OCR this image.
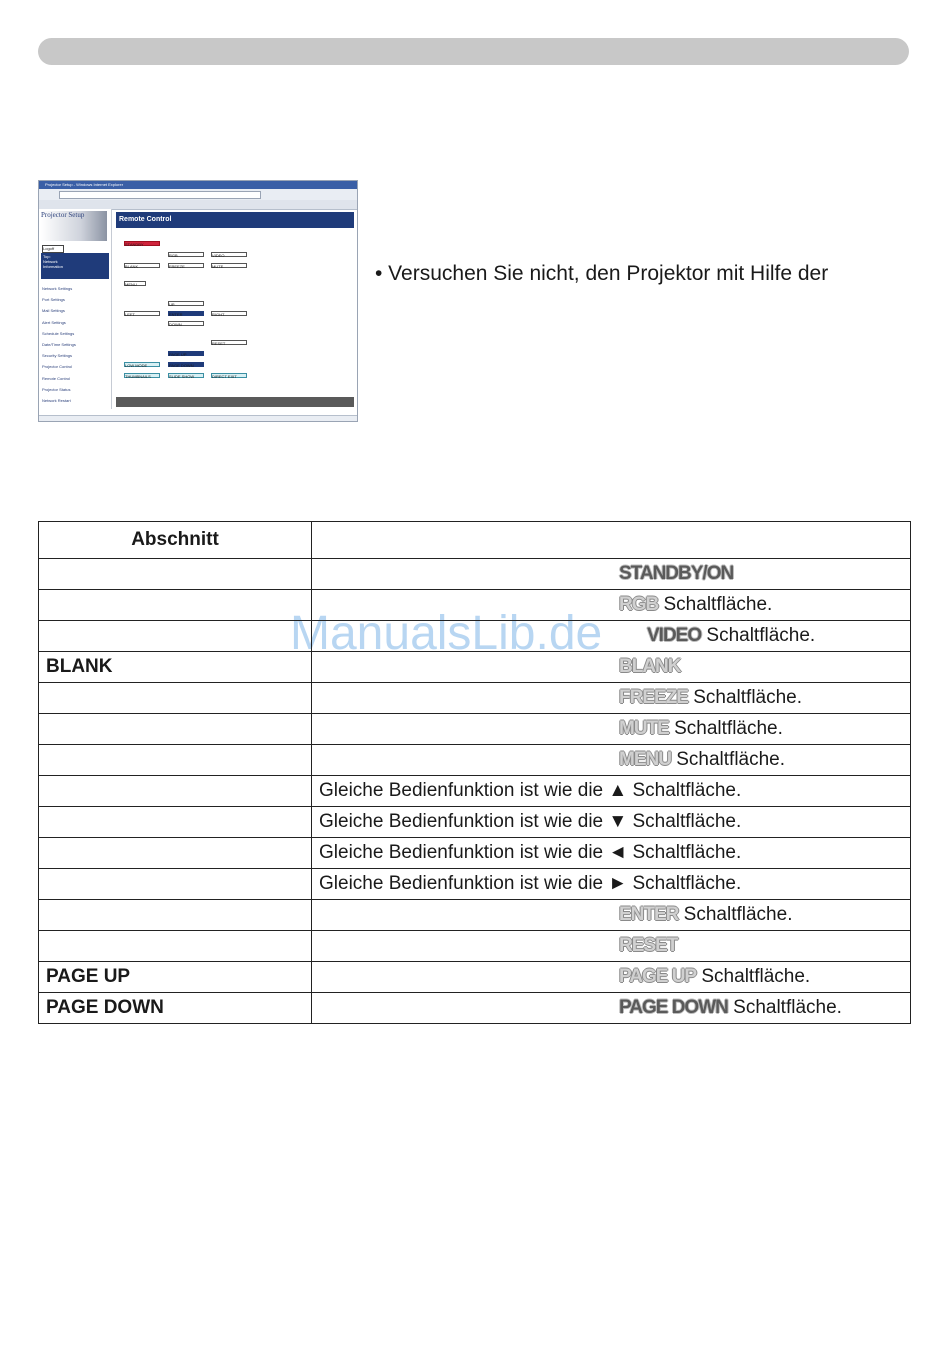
Projector Setup - Windows Internet Explorer
Projector Setup
Logoff
Top:
Network
Information
Network Settings
Port Settings
Mail Settings
Alert Settings
Schedule Settings
Date/Time Settings
Security Settings
Projector Control
Remote Control
Projector Status
Network Restart
Remote Control
STANDBY
RGB	VIDEO
BLANK	FREEZE	MUTE
MENU
UP
LEFT	ENTER	RIGHT
DOWN
RESET
PAGE UP
LOW MODE	PAGE DOWN
THUMBNAILS	SLIDE SHOW	DIRECT EXIT
• Versuchen Sie nicht, den Projektor mit Hilfe der
ManualsLib.de
Abschnitt	
	STANDBY/ON
	RGB Schaltfläche.
	VIDEO Schaltfläche.
BLANK	BLANK
	FREEZE Schaltfläche.
	MUTE Schaltfläche.
	MENU Schaltfläche.
	Gleiche Bedienfunktion ist wie die ▲ Schaltfläche.
	Gleiche Bedienfunktion ist wie die ▼ Schaltfläche.
	Gleiche Bedienfunktion ist wie die ◄ Schaltfläche.
	Gleiche Bedienfunktion ist wie die ► Schaltfläche.
	ENTER Schaltfläche.
	RESET
PAGE UP	PAGE UP Schaltfläche.
PAGE DOWN	PAGE DOWN Schaltfläche.
